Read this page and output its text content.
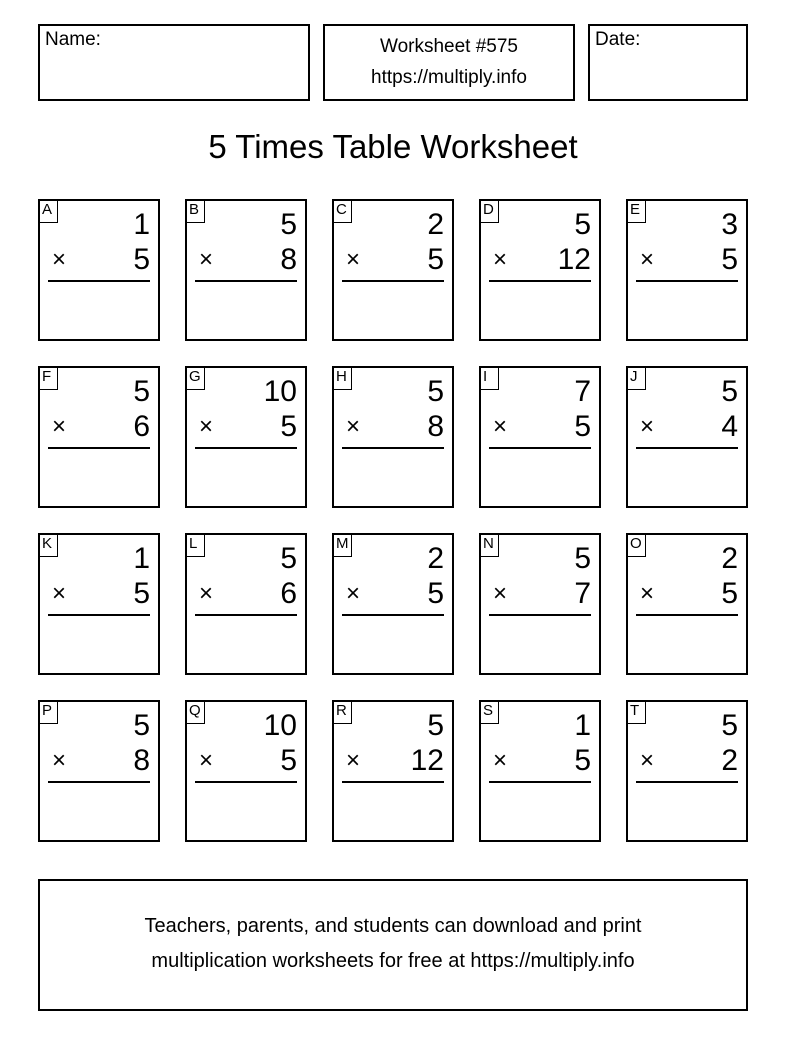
Name:	Worksheet #575
https://multiply.info
Date:
5 Times Table Worksheet
A	1
× 5
B	5
× 8
C	2
× 5
D	5
× 12
E	3
× 5
F	5
× 6
G 10
× 5
H	5
× 8
I	7
× 5
J	5
× 4
K	1
× 5
L	5
× 6
M	2
× 5
N	5
× 7
O	2
× 5
P	5
× 8
Q 10
× 5
R	5
× 12
S	1
× 5
T	5
× 2
Teachers, parents, and students can download and print
multiplication worksheets for free at https://multiply.info
